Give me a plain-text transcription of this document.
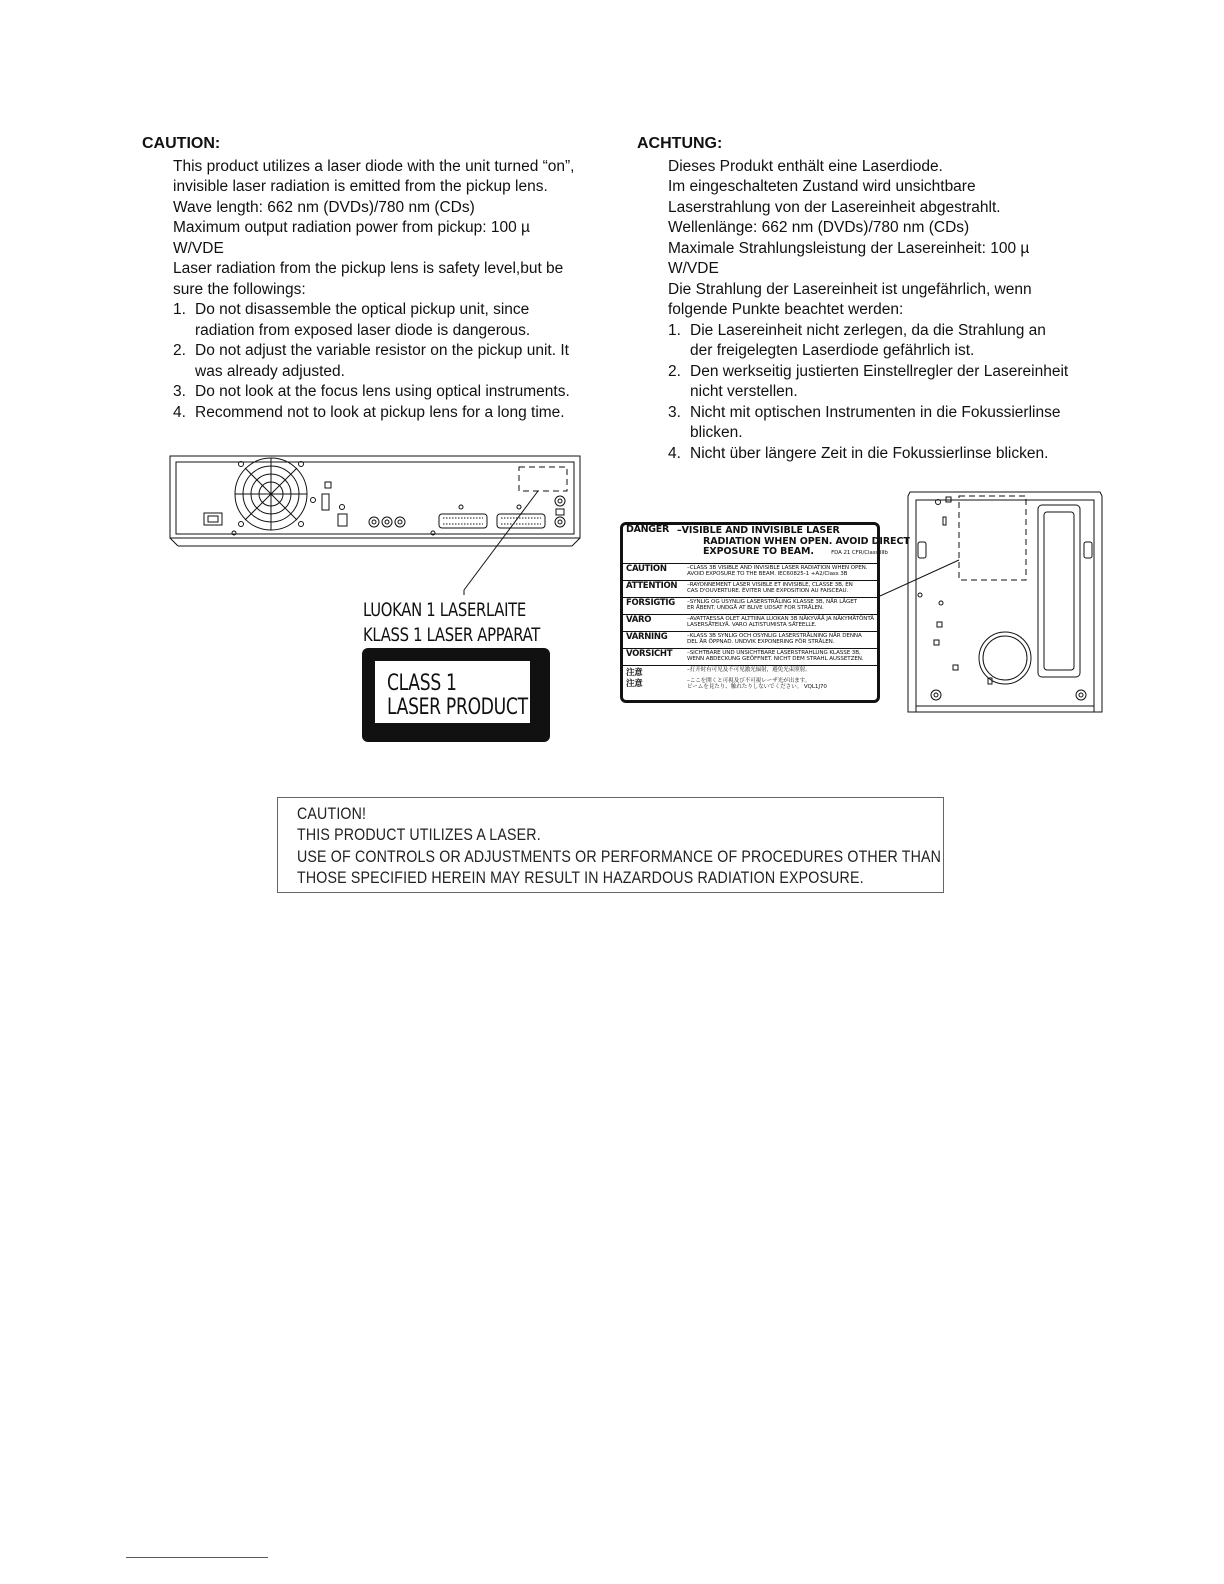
CAUTION:

This product utilizes a laser diode with the unit turned “on”,

invisible laser radiation is emitted from the pickup lens.

Wave length: 662 nm (DVDs)/780 nm (CDs)

Maximum output radiation power from pickup: 100 µ

W/VDE

Laser radiation from the pickup lens is safety level,but be

sure the followings:

1. Do not disassemble the optical pickup unit, since
radiation from exposed laser diode is dangerous.
2. Do not adjust the variable resistor on the pickup unit. It
was already adjusted.
3. Do not look at the focus lens using optical instruments.
4. Recommend not to look at pickup lens for a long time.
ACHTUNG:

Dieses Produkt enthält eine Laserdiode.

Im eingeschalteten Zustand wird unsichtbare

Laserstrahlung von der Lasereinheit abgestrahlt.

Wellenlänge: 662 nm (DVDs)/780 nm (CDs)

Maximale Strahlungsleistung der Lasereinheit: 100 µ

W/VDE

Die Strahlung der Lasereinheit ist ungefährlich, wenn

folgende Punkte beachtet werden:

1. Die Lasereinheit nicht zerlegen, da die Strahlung an
der freigelegten Laserdiode gefährlich ist.
2. Den werkseitig justierten Einstellregler der Lasereinheit
nicht verstellen.
3. Nicht mit optischen Instrumenten in die Fokussierlinse
blicken.
4. Nicht über längere Zeit in die Fokussierlinse blicken.
LUOKAN 1 LASERLAITE
KLASS 1 LASER APPARAT
CLASS 1
LASER PRODUCT
DANGER –VISIBLE AND INVISIBLE LASER
RADIATION WHEN OPEN. AVOID DIRECT
EXPOSURE TO BEAM.	FDA 21 CFR/Class IIIb
CAUTION	–CLASS 3B VISIBLE AND INVISIBLE LASER RADIATION WHEN OPEN.
AVOID EXPOSURE TO THE BEAM. IEC60825-1 +A2/Class 3B
ATTENTION –RAYONNEMENT LASER VISIBLE ET INVISIBLE, CLASSE 3B, EN
CAS D'OUVERTURE. ÉVITER UNE EXPOSITION AU FAISCEAU.
FORSIGTIG –SYNLIG OG USYNLIG LASERSTRÅLING KLASSE 3B, NÅR LÅGET
ER ÅBENT. UNDGÅ AT BLIVE UDSAT FOR STRÅLEN.
VARO	–AVATTAESSA OLET ALTTIINA LUOKAN 3B NÄKYVÄÄ JA NÄKYMÄTÖNTÄ
LASERSÄTEILYÄ. VARO ALTISTUMISTA SÄTEELLE.
VARNING	–KLASS 3B SYNLIG OCH OSYNLIG LASERSTRÅLNING NÄR DENNA
DEL ÄR ÖPPNAD. UNDVIK EXPONERING FÖR STRÅLEN.
VORSICHT	–SICHTBARE UND UNSICHTBARE LASERSTRAHLUNG KLASSE 3B,
WENN ABDECKUNG GEÖFFNET. NICHT DEM STRAHL AUSSETZEN.
注意	–打开时有可见及不可见激光辐射，避免光束照射。
注意	–ここを開くと可視及び不可視レーザ光が出ます。
ビームを見たり、触れたりしないでください。 VQL1J70
CAUTION!
THIS PRODUCT UTILIZES A LASER.
USE OF CONTROLS OR ADJUSTMENTS OR PERFORMANCE OF PROCEDURES OTHER THAN
THOSE SPECIFIED HEREIN MAY RESULT IN HAZARDOUS RADIATION EXPOSURE.
